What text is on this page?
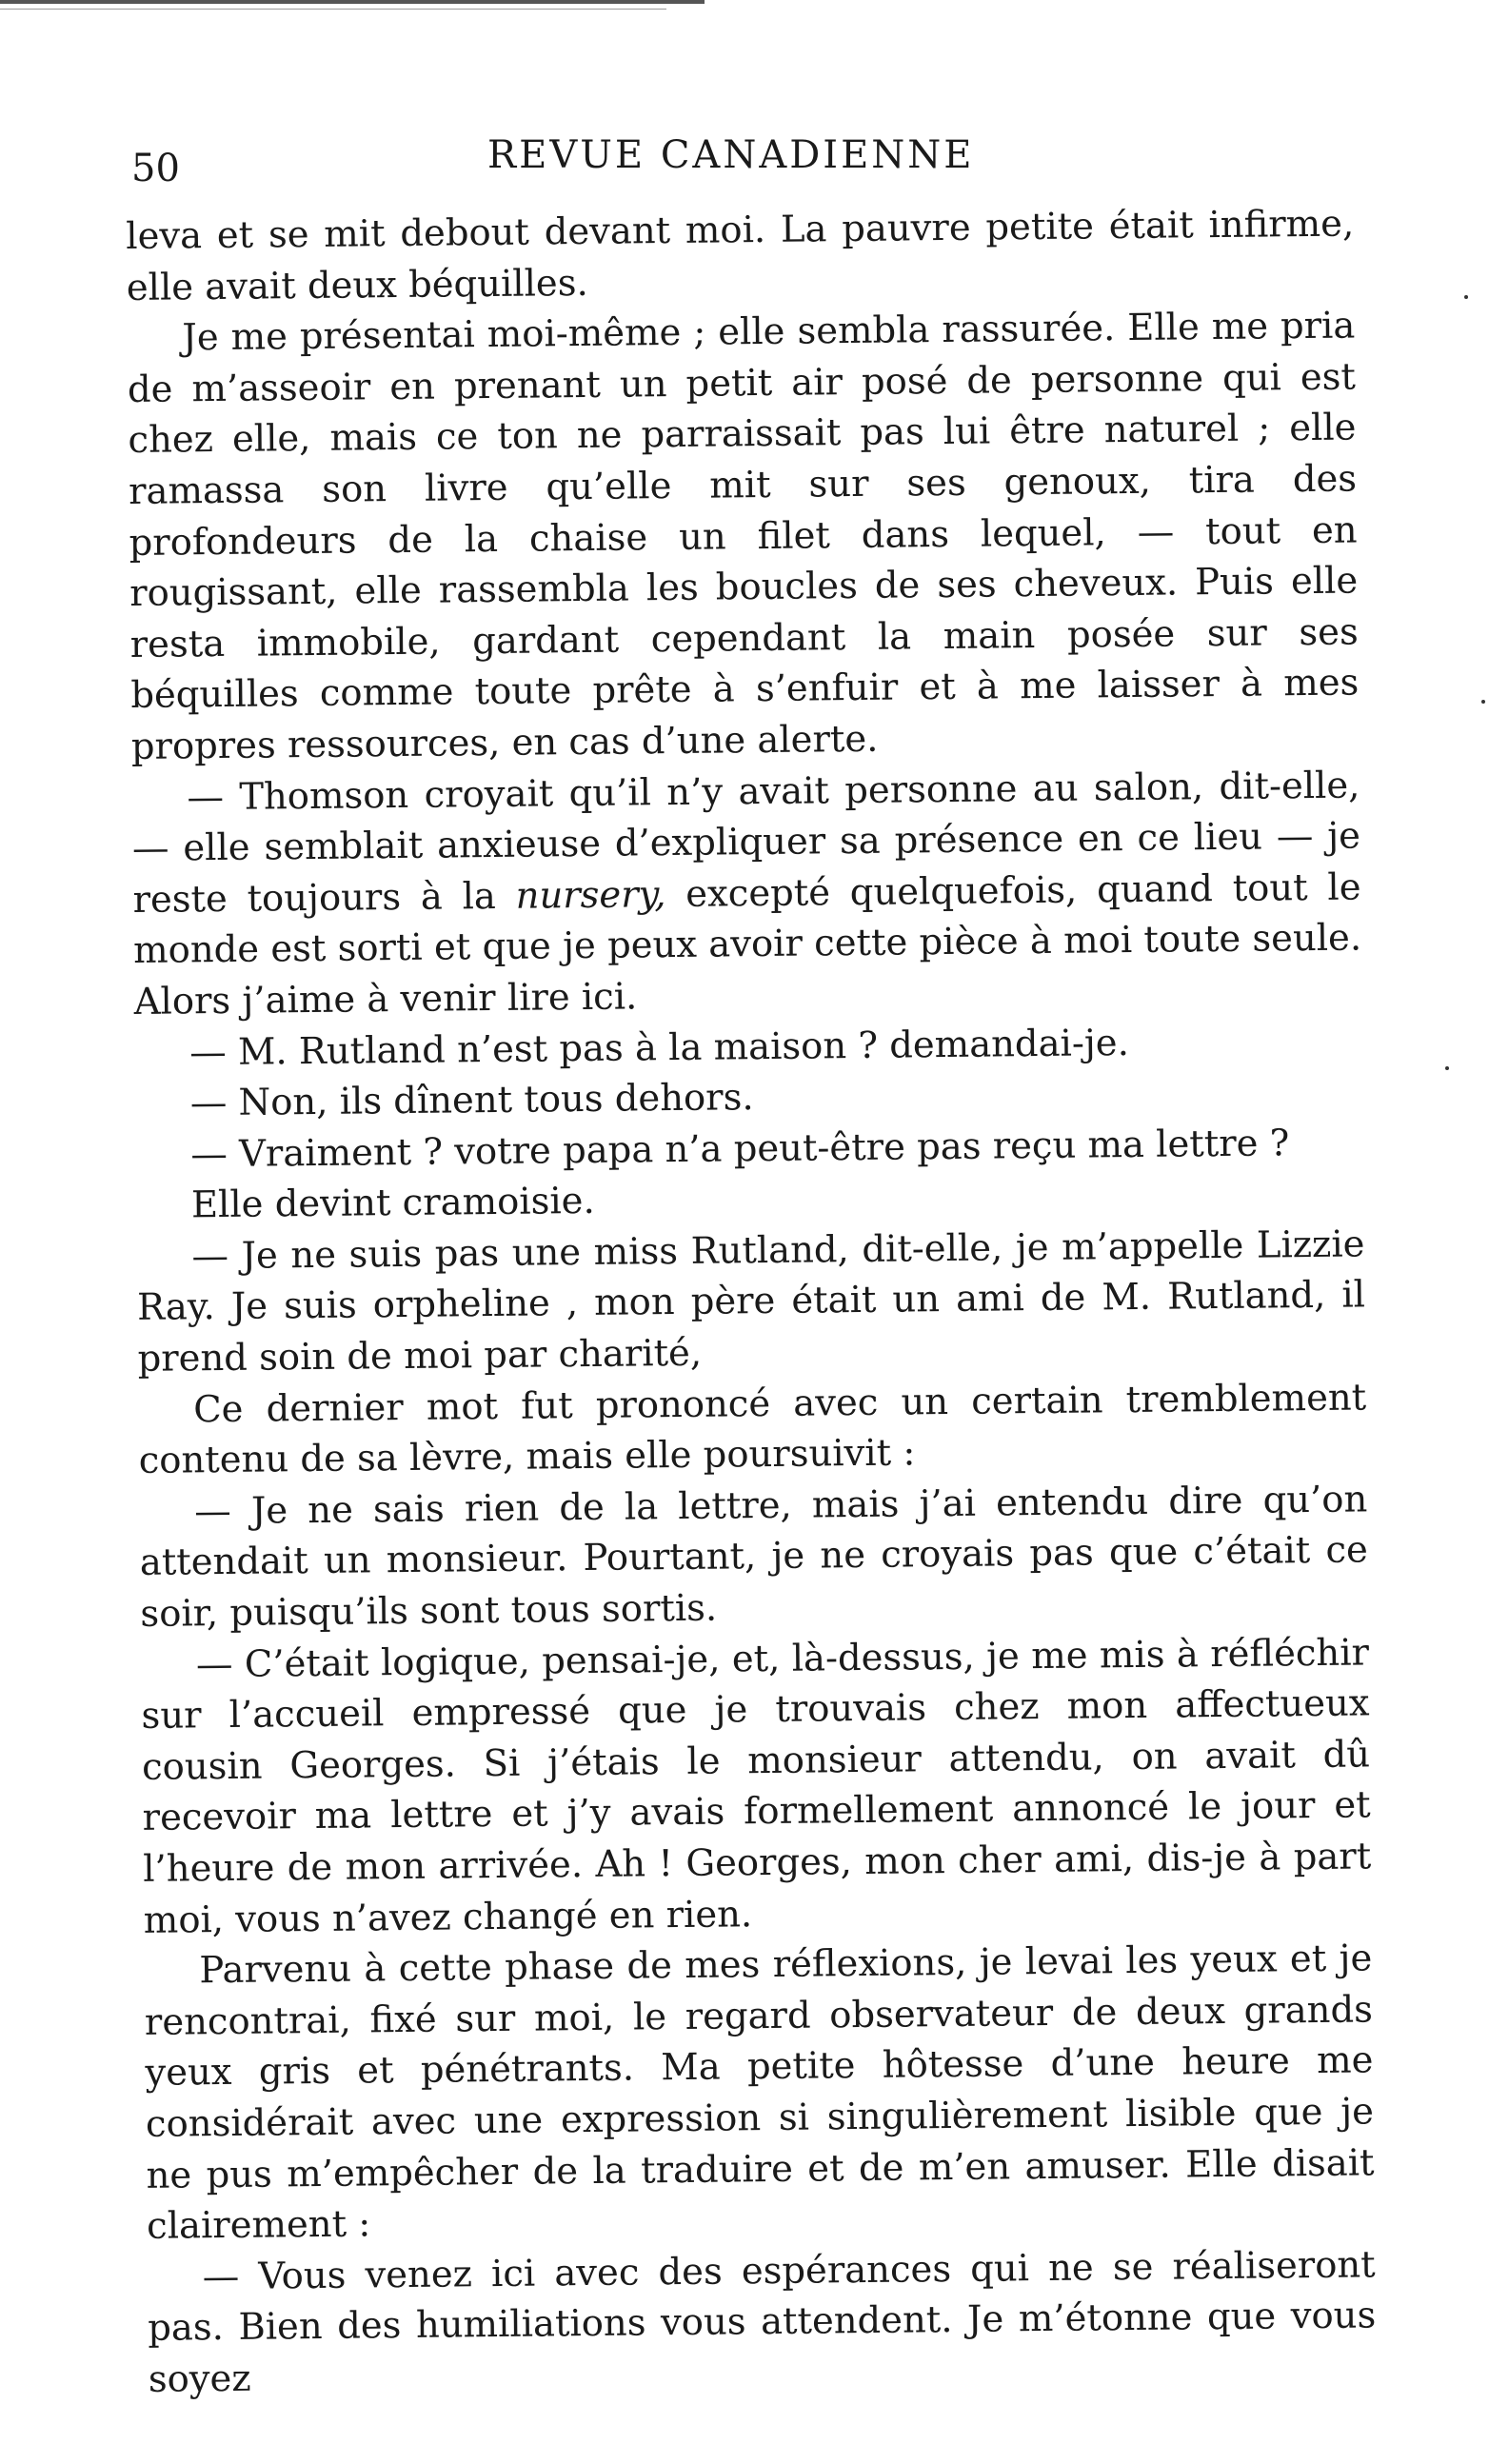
50	REVUE CANADIENNE

leva et se mit debout devant moi. La pauvre petite était infirme, elle avait deux béquilles.

Je me présentai moi-même ; elle sembla rassurée. Elle me pria de m’asseoir en prenant un petit air posé de personne qui est chez elle, mais ce ton ne parraissait pas lui être naturel ; elle ramassa son livre qu’elle mit sur ses genoux, tira des profondeurs de la chaise un filet dans lequel, — tout en rougissant, elle rassembla les boucles de ses cheveux. Puis elle resta immobile, gardant cependant la main posée sur ses béquilles comme toute prête à s’enfuir et à me laisser à mes propres ressources, en cas d’une alerte.

— Thomson croyait qu’il n’y avait personne au salon, dit-elle, — elle semblait anxieuse d’expliquer sa présence en ce lieu — je reste toujours à la nursery, excepté quelquefois, quand tout le monde est sorti et que je peux avoir cette pièce à moi toute seule. Alors j’aime à venir lire ici.

— M. Rutland n’est pas à la maison ? demandai-je.

— Non, ils dînent tous dehors.

— Vraiment ? votre papa n’a peut-être pas reçu ma lettre ?

Elle devint cramoisie.

— Je ne suis pas une miss Rutland, dit-elle, je m’appelle Lizzie Ray. Je suis orpheline , mon père était un ami de M. Rutland, il prend soin de moi par charité,

Ce dernier mot fut prononcé avec un certain tremblement contenu de sa lèvre, mais elle poursuivit :

— Je ne sais rien de la lettre, mais j’ai entendu dire qu’on attendait un monsieur. Pourtant, je ne croyais pas que c’était ce soir, puisqu’ils sont tous sortis.

— C’était logique, pensai-je, et, là-dessus, je me mis à réfléchir sur l’accueil empressé que je trouvais chez mon affectueux cousin Georges. Si j’étais le monsieur attendu, on avait dû recevoir ma lettre et j’y avais formellement annoncé le jour et l’heure de mon arrivée. Ah ! Georges, mon cher ami, dis-je à part moi, vous n’avez changé en rien.

Parvenu à cette phase de mes réflexions, je levai les yeux et je rencontrai, fixé sur moi, le regard observateur de deux grands yeux gris et pénétrants. Ma petite hôtesse d’une heure me considérait avec une expression si singulièrement lisible que je ne pus m’empêcher de la traduire et de m’en amuser. Elle disait clairement :

— Vous venez ici avec des espérances qui ne se réaliseront pas. Bien des humiliations vous attendent. Je m’étonne que vous soyez
